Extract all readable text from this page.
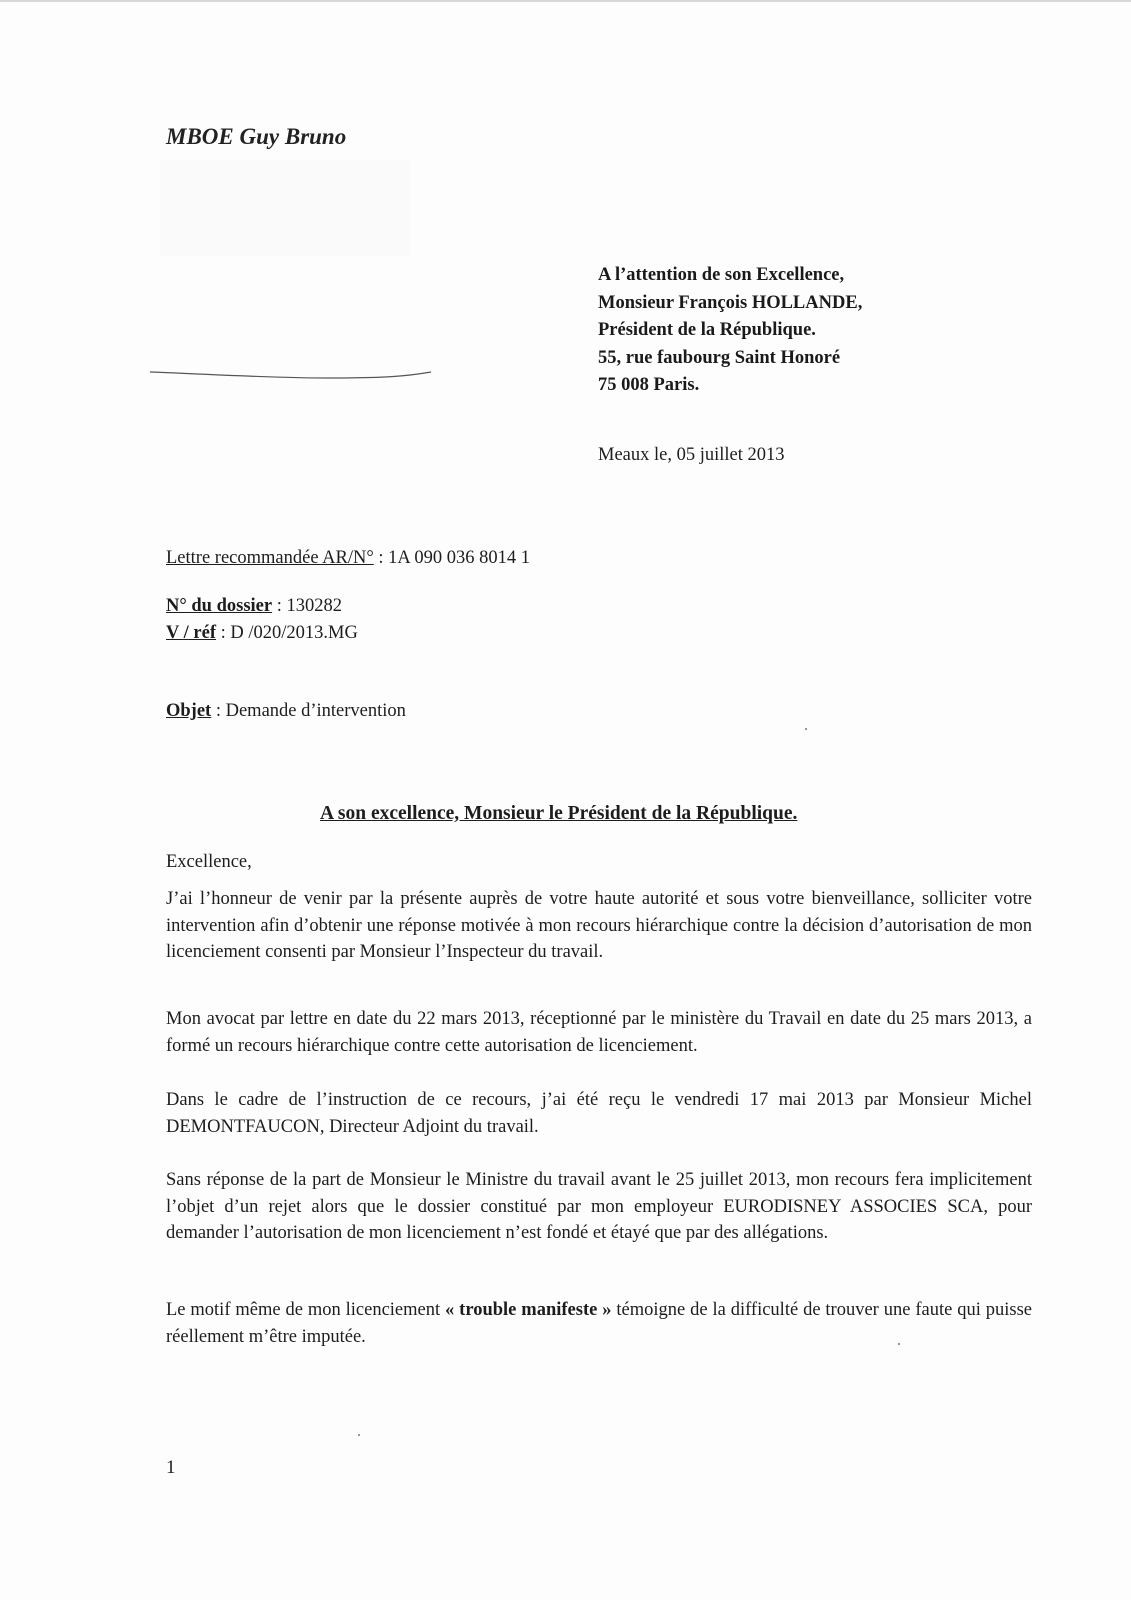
MBOE Guy Bruno
A l’attention de son Excellence,
Monsieur François HOLLANDE,
Président de la République.
55, rue faubourg Saint Honoré
75 008 Paris.
Meaux le, 05 juillet 2013
Lettre recommandée AR/N° : 1A 090 036 8014 1
N° du dossier : 130282
V / réf : D /020/2013.MG
Objet : Demande d’intervention
A son excellence, Monsieur le Président de la République.
Excellence,

J’ai l’honneur de venir par la présente auprès de votre haute autorité et sous votre bienveillance, solliciter votre intervention afin d’obtenir une réponse motivée à mon recours hiérarchique contre la décision d’autorisation de mon licenciement consenti par Monsieur l’Inspecteur du travail.

Mon avocat par lettre en date du 22 mars 2013, réceptionné par le ministère du Travail en date du 25 mars 2013, a formé un recours hiérarchique contre cette autorisation de licenciement.

Dans le cadre de l’instruction de ce recours, j’ai été reçu le vendredi 17 mai 2013 par Monsieur Michel DEMONTFAUCON, Directeur Adjoint du travail.

Sans réponse de la part de Monsieur le Ministre du travail avant le 25 juillet 2013, mon recours fera implicitement l’objet d’un rejet alors que le dossier constitué par mon employeur EURODISNEY ASSOCIES SCA, pour demander l’autorisation de mon licenciement n’est fondé et étayé que par des allégations.

Le motif même de mon licenciement « trouble manifeste » témoigne de la difficulté de trouver une faute qui puisse réellement m’être imputée.

1
